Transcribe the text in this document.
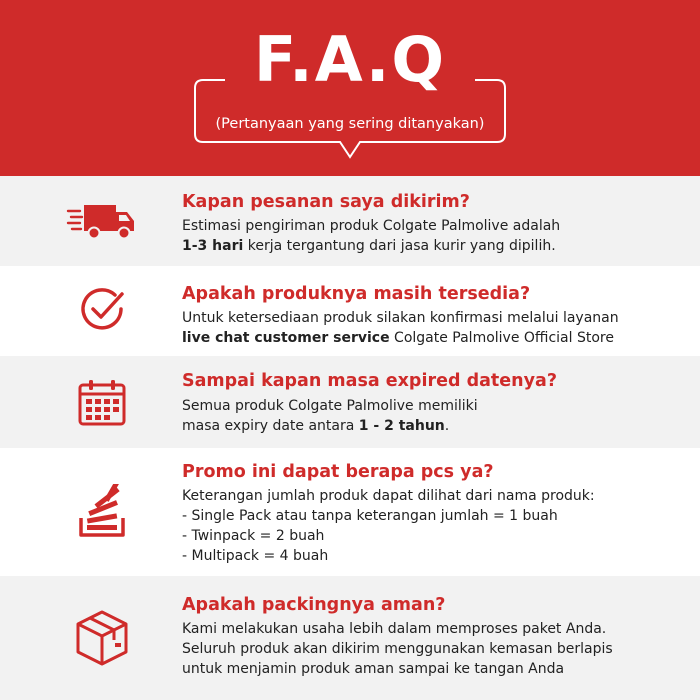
F.A.Q
(Pertanyaan yang sering ditanyakan)
Kapan pesanan saya dikirim?
Estimasi pengiriman produk Colgate Palmolive adalah
1-3 hari kerja tergantung dari jasa kurir yang dipilih.
Apakah produknya masih tersedia?
Untuk ketersediaan produk silakan konfirmasi melalui layanan
live chat customer service Colgate Palmolive Official Store
Sampai kapan masa expired datenya?
Semua produk Colgate Palmolive memiliki
masa expiry date antara 1 - 2 tahun.
Promo ini dapat berapa pcs ya?
Keterangan jumlah produk dapat dilihat dari nama produk:
- Single Pack atau tanpa keterangan jumlah = 1 buah
- Twinpack = 2 buah
- Multipack = 4 buah
Apakah packingnya aman?
Kami melakukan usaha lebih dalam memproses paket Anda.
Seluruh produk akan dikirim menggunakan kemasan berlapis
untuk menjamin produk aman sampai ke tangan Anda
